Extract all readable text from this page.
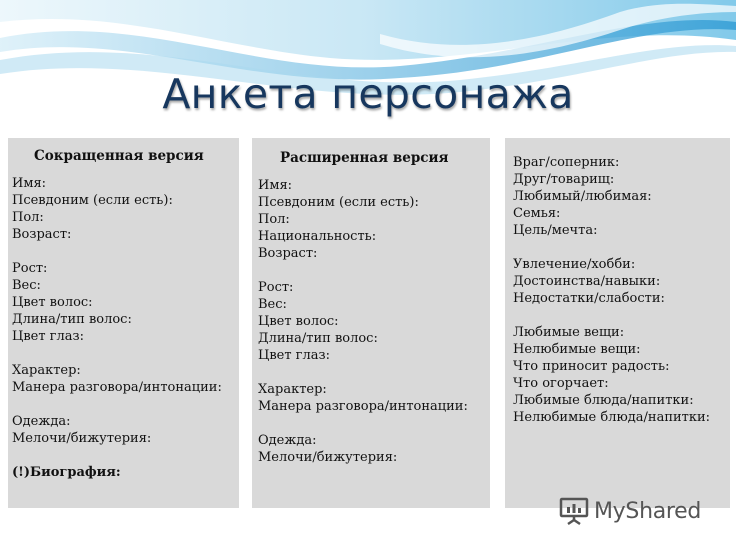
Анкета персонажа
Сокращенная версия
Имя:
Псевдоним (если есть):
Пол:
Возраст:
Рост:
Вес:
Цвет волос:
Длина/тип волос:
Цвет глаз:
Характер:
Манера разговора/интонации:
Одежда:
Мелочи/бижутерия:
(!)Биография:
Расширенная версия
Имя:
Псевдоним (если есть):
Пол:
Национальность:
Возраст:
Рост:
Вес:
Цвет волос:
Длина/тип волос:
Цвет глаз:
Характер:
Манера разговора/интонации:
Одежда:
Мелочи/бижутерия:
Враг/соперник:
Друг/товарищ:
Любимый/любимая:
Семья:
Цель/мечта:
Увлечение/хобби:
Достоинства/навыки:
Недостатки/слабости:
Любимые вещи:
Нелюбимые вещи:
Что приносит радость:
Что огорчает:
Любимые блюда/напитки:
Нелюбимые блюда/напитки:
MyShared
